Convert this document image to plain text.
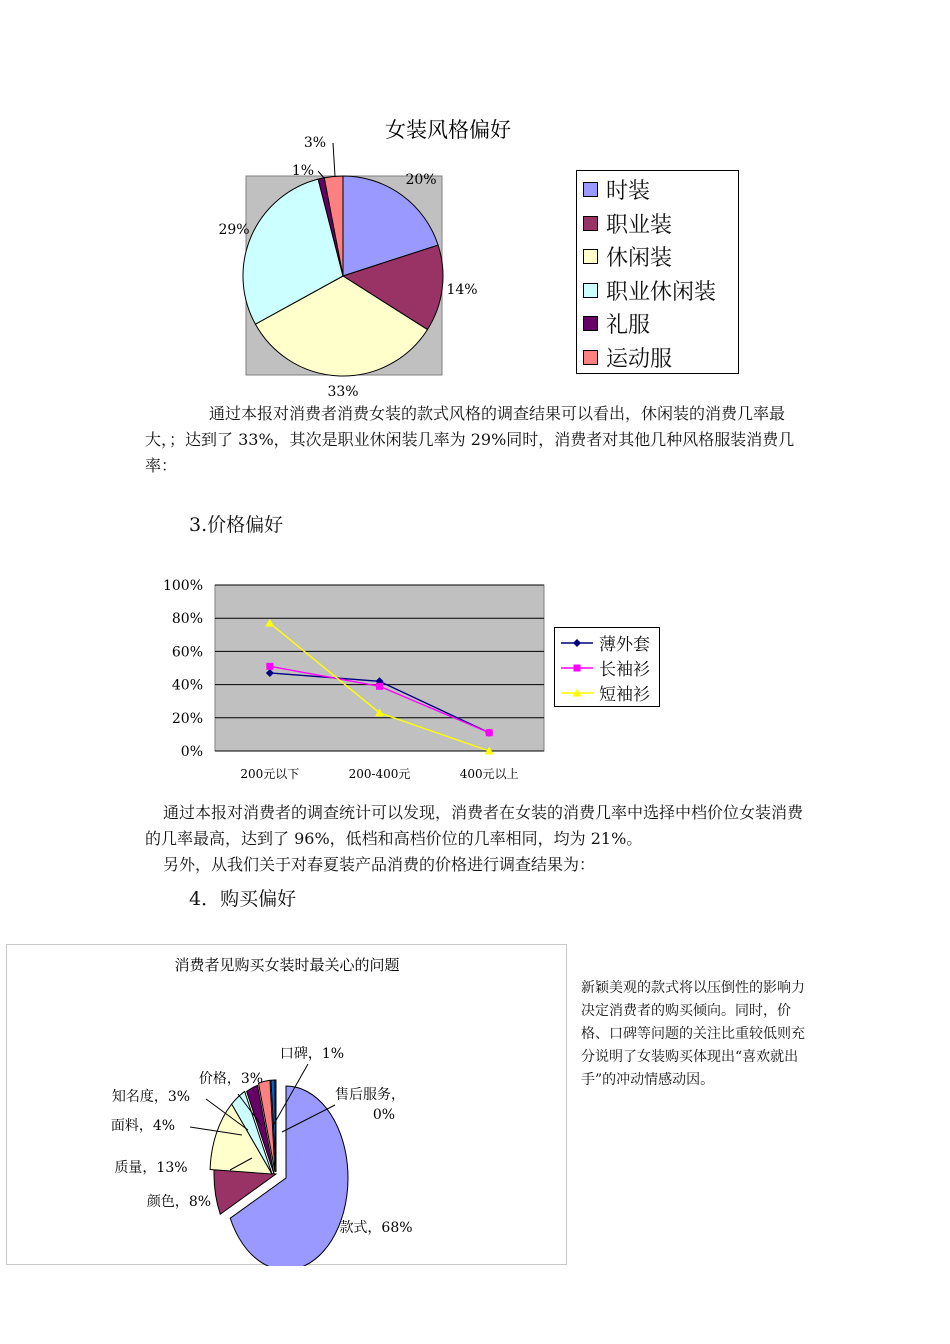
女装风格偏好
20%
14%
33%
29%
1%
3%
时装
职业装
休闲装
职业休闲装
礼服
运动服
通过本报对消费者消费女装的款式风格的调查结果可以看出，休闲装的消费几率最大，；达到了 33%，其次是职业休闲装几率为 29%同时，消费者对其他几种风格服装消费几率：
3.价格偏好
100%
80%
60%
40%
20%
0%
200元以下	200-400元	400元以上
薄外套
长袖衫
短袖衫
通过本报对消费者的调查统计可以发现，消费者在女装的消费几率中选择中档价位女装消费的几率最高，达到了 96%，低档和高档价位的几率相同，均为 21%。
另外，从我们关于对春夏装产品消费的价格进行调查结果为：
4．购买偏好
消费者见购买女装时最关心的问题
款式，68%
颜色，8%
质量，13%
面料，4%
知名度，3%
价格，3%
口碑，1%
售后服务， 0%
新颖美观的款式将以压倒性的影响力决定消费者的购买倾向。同时，价格、口碑等问题的关注比重较低则充分说明了女装购买体现出“喜欢就出手”的冲动情感动因。
